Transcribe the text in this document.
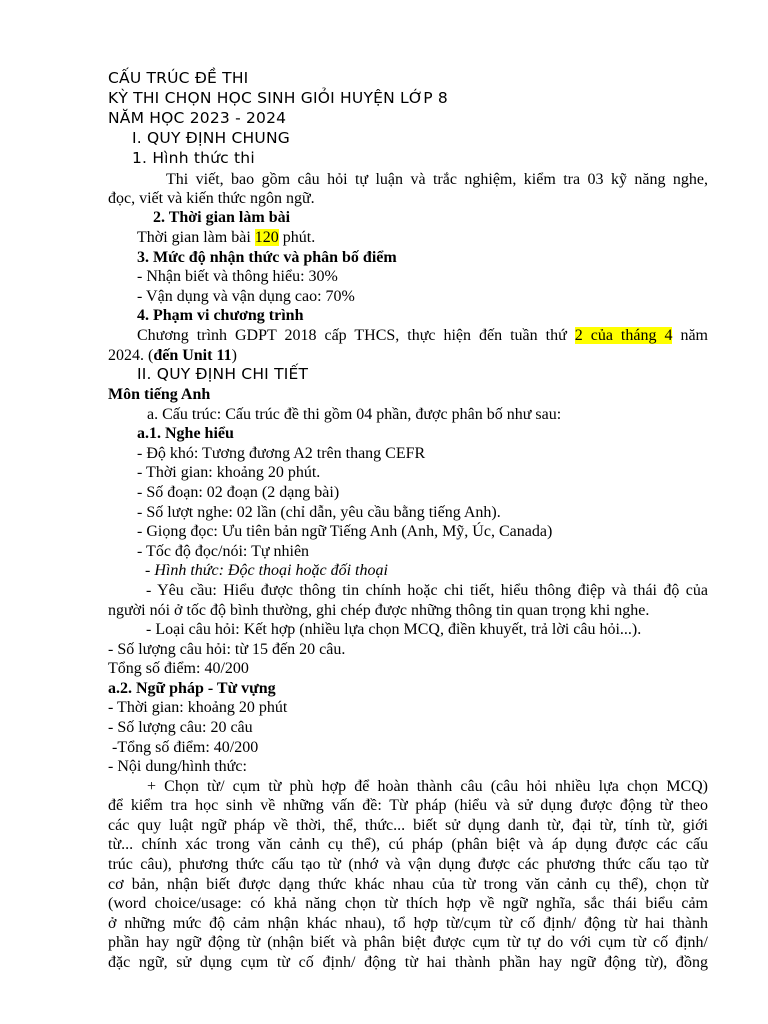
CẤU TRÚC ĐỀ THI
KỲ THI CHỌN HỌC SINH GIỎI HUYỆN LỚP 8
NĂM HỌC 2023 - 2024
I. QUY ĐỊNH CHUNG
1. Hình thức thi
Thi viết, bao gồm câu hỏi tự luận và trắc nghiệm, kiểm tra 03 kỹ năng nghe,
đọc, viết và kiến thức ngôn ngữ.
2. Thời gian làm bài
Thời gian làm bài 120 phút.
3. Mức độ nhận thức và phân bố điểm
- Nhận biết và thông hiểu: 30%
- Vận dụng và vận dụng cao: 70%
4. Phạm vi chương trình
Chương trình GDPT 2018 cấp THCS, thực hiện đến tuần thứ 2 của tháng 4 năm
2024. (đến Unit 11)
II. QUY ĐỊNH CHI TIẾT
Môn tiếng Anh
a. Cấu trúc: Cấu trúc đề thi gồm 04 phần, được phân bố như sau:
a.1. Nghe hiểu
- Độ khó: Tương đương A2 trên thang CEFR
- Thời gian: khoảng 20 phút.
- Số đoạn: 02 đoạn (2 dạng bài)
- Số lượt nghe: 02 lần (chỉ dẫn, yêu cầu bằng tiếng Anh).
- Giọng đọc: Ưu tiên bản ngữ Tiếng Anh (Anh, Mỹ, Úc, Canada)
- Tốc độ đọc/nói: Tự nhiên
- Hình thức: Độc thoại hoặc đối thoại
- Yêu cầu: Hiểu được thông tin chính hoặc chi tiết, hiểu thông điệp và thái độ của
người nói ở tốc độ bình thường, ghi chép được những thông tin quan trọng khi nghe.
- Loại câu hỏi: Kết hợp (nhiều lựa chọn MCQ, điền khuyết, trả lời câu hỏi...).
- Số lượng câu hỏi: từ 15 đến 20 câu.
Tổng số điểm: 40/200
a.2. Ngữ pháp - Từ vựng
- Thời gian: khoảng 20 phút
- Số lượng câu: 20 câu
-Tổng số điểm: 40/200
- Nội dung/hình thức:
+ Chọn từ/ cụm từ phù hợp để hoàn thành câu (câu hỏi nhiều lựa chọn MCQ)
để kiểm tra học sinh về những vấn đề: Từ pháp (hiểu và sử dụng được động từ theo
các quy luật ngữ pháp về thời, thể, thức... biết sử dụng danh từ, đại từ, tính từ, giới
từ... chính xác trong văn cảnh cụ thể), cú pháp (phân biệt và áp dụng được các cấu
trúc câu), phương thức cấu tạo từ (nhớ và vận dụng được các phương thức cấu tạo từ
cơ bản, nhận biết được dạng thức khác nhau của từ trong văn cảnh cụ thể), chọn từ
(word choice/usage: có khả năng chọn từ thích hợp về ngữ nghĩa, sắc thái biểu cảm
ở những mức độ cảm nhận khác nhau), tổ hợp từ/cụm từ cố định/ động từ hai thành
phần hay ngữ động từ (nhận biết và phân biệt được cụm từ tự do với cụm từ cố định/
đặc ngữ, sử dụng cụm từ cố định/ động từ hai thành phần hay ngữ động từ), đồng
